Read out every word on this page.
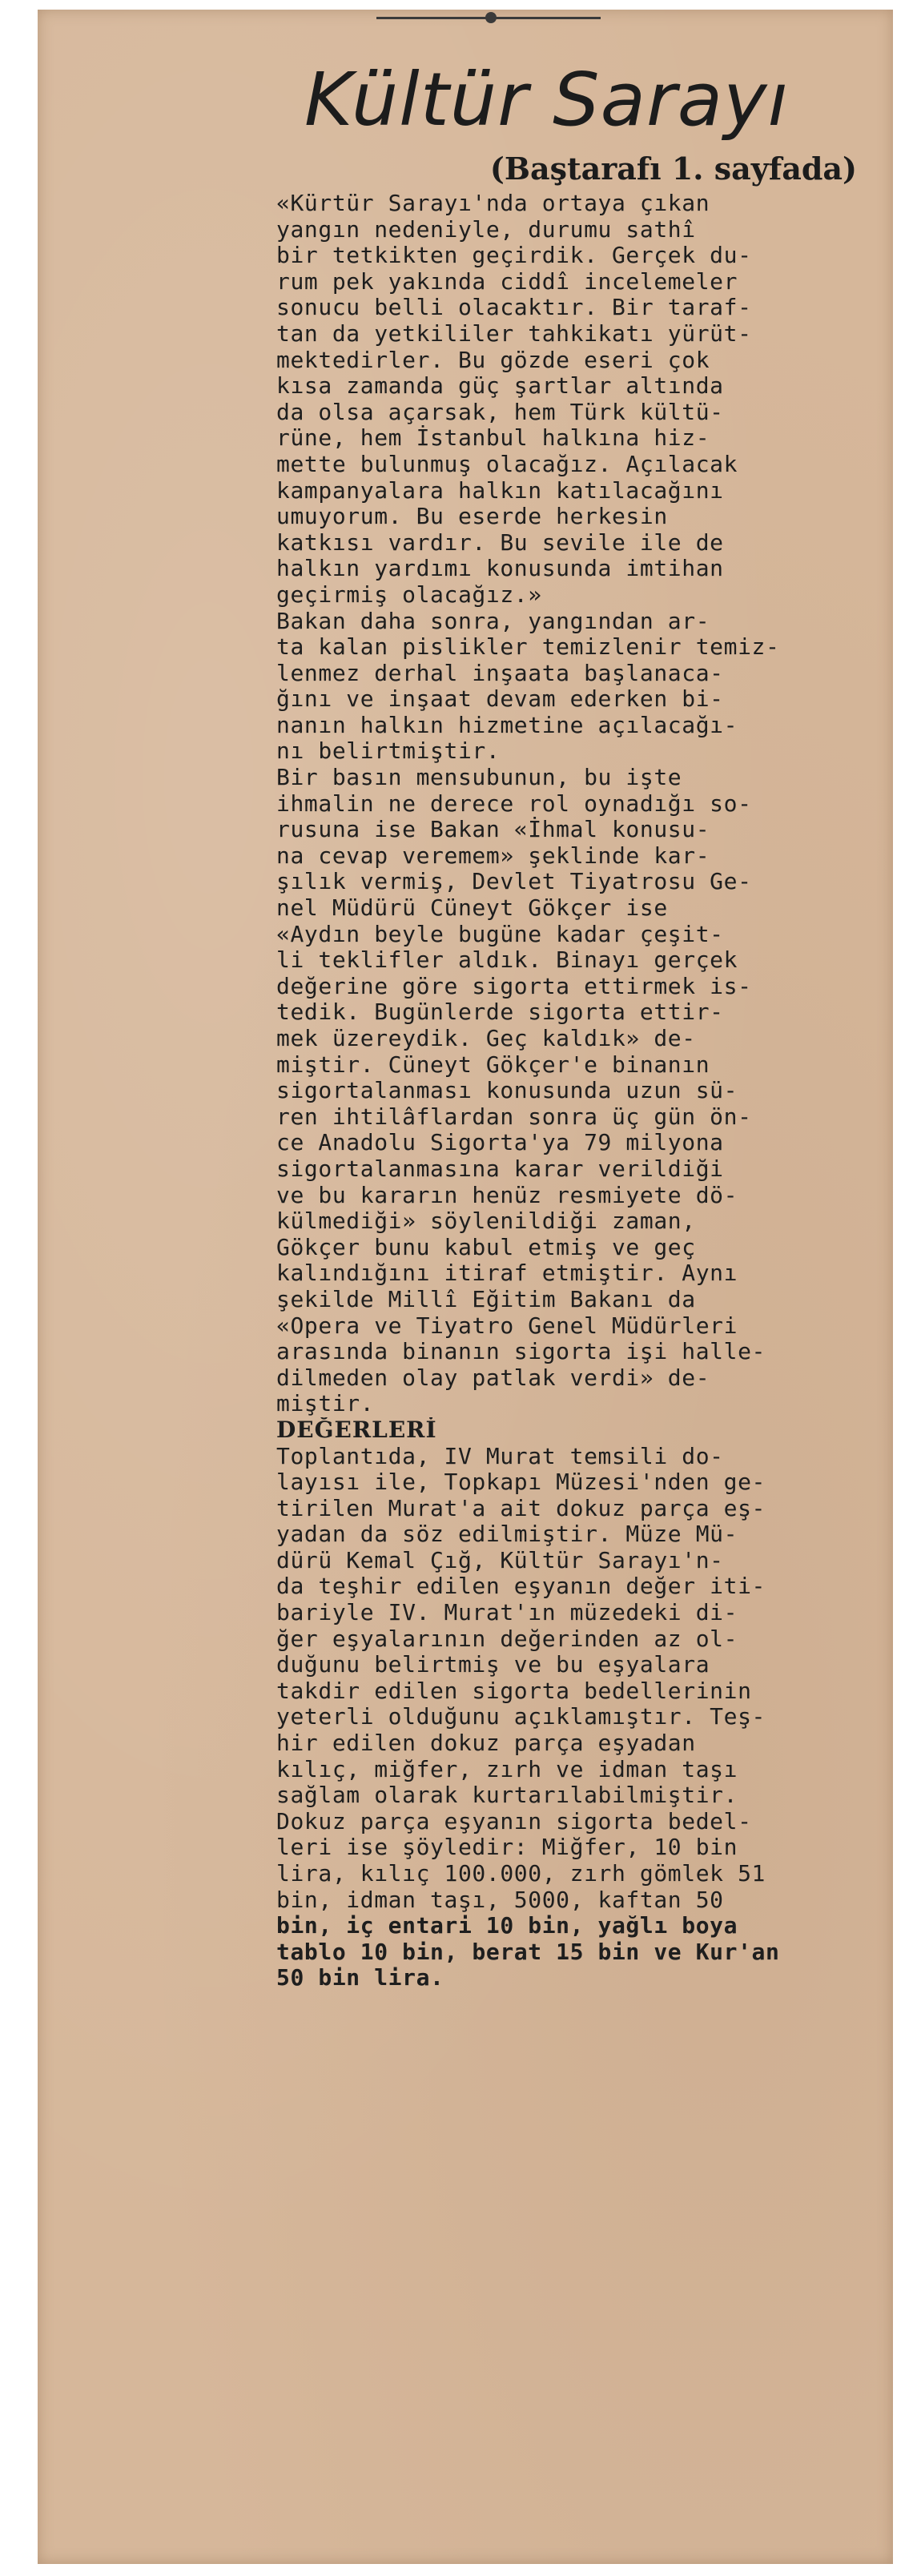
Kültür Sarayı
(Baştarafı 1. sayfada)
«Kürtür Sarayı'nda ortaya çıkan
yangın nedeniyle, durumu sathî
bir tetkikten geçirdik. Gerçek du-
rum pek yakında ciddî incelemeler
sonucu belli olacaktır. Bir taraf-
tan da yetkililer tahkikatı yürüt-
mektedirler. Bu gözde eseri çok
kısa zamanda güç şartlar altında
da olsa açarsak, hem Türk kültü-
rüne, hem İstanbul halkına hiz-
mette bulunmuş olacağız. Açılacak
kampanyalara halkın katılacağını
umuyorum. Bu eserde herkesin
katkısı vardır. Bu sevile ile de
halkın yardımı konusunda imtihan
geçirmiş olacağız.»
Bakan daha sonra, yangından ar-
ta kalan pislikler temizlenir temiz-
lenmez derhal inşaata başlanaca-
ğını ve inşaat devam ederken bi-
nanın halkın hizmetine açılacağı-
nı belirtmiştir.
Bir basın mensubunun, bu işte
ihmalin ne derece rol oynadığı so-
rusuna ise Bakan «İhmal konusu-
na cevap veremem» şeklinde kar-
şılık vermiş, Devlet Tiyatrosu Ge-
nel Müdürü Cüneyt Gökçer ise
«Aydın beyle bugüne kadar çeşit-
li teklifler aldık. Binayı gerçek
değerine göre sigorta ettirmek is-
tedik. Bugünlerde sigorta ettir-
mek üzereydik. Geç kaldık» de-
miştir. Cüneyt Gökçer'e binanın
sigortalanması konusunda uzun sü-
ren ihtilâflardan sonra üç gün ön-
ce Anadolu Sigorta'ya 79 milyona
sigortalanmasına karar verildiği
ve bu kararın henüz resmiyete dö-
külmediği» söylenildiği zaman,
Gökçer bunu kabul etmiş ve geç
kalındığını itiraf etmiştir. Aynı
şekilde Millî Eğitim Bakanı da
«Opera ve Tiyatro Genel Müdürleri
arasında binanın sigorta işi halle-
dilmeden olay patlak verdi» de-
miştir.
DEĞERLERİ
Toplantıda, IV Murat temsili do-
layısı ile, Topkapı Müzesi'nden ge-
tirilen Murat'a ait dokuz parça eş-
yadan da söz edilmiştir. Müze Mü-
dürü Kemal Çığ, Kültür Sarayı'n-
da teşhir edilen eşyanın değer iti-
bariyle IV. Murat'ın müzedeki di-
ğer eşyalarının değerinden az ol-
duğunu belirtmiş ve bu eşyalara
takdir edilen sigorta bedellerinin
yeterli olduğunu açıklamıştır. Teş-
hir edilen dokuz parça eşyadan
kılıç, miğfer, zırh ve idman taşı
sağlam olarak kurtarılabilmiştir.
Dokuz parça eşyanın sigorta bedel-
leri ise şöyledir: Miğfer, 10 bin
lira, kılıç 100.000, zırh gömlek 51
bin, idman taşı, 5000, kaftan 50
bin, iç entari 10 bin, yağlı boya
tablo 10 bin, berat 15 bin ve Kur'an
50 bin lira.
